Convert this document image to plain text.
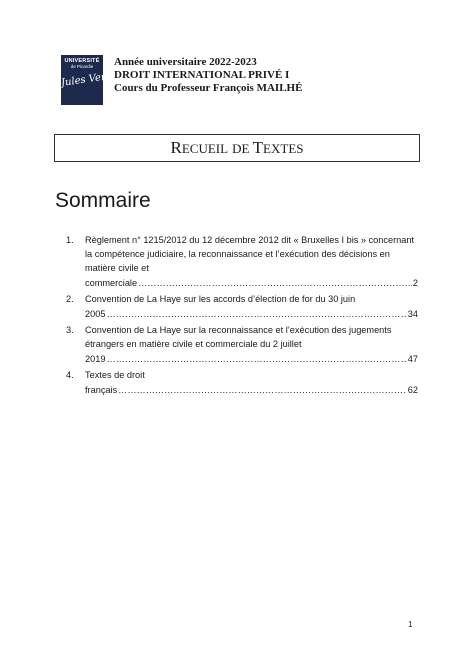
UNIVERSITÉ
de Picardie
Jules Verne
Année universitaire 2022-2023
DROIT INTERNATIONAL PRIVÉ I
Cours du Professeur François MAILHÉ
RECUEIL DE TEXTES
Sommaire
1. Règlement n° 1215/2012 du 12 décembre 2012 dit « Bruxelles I bis » concernant la compétence judiciaire, la reconnaissance et l’exécution des décisions en matière civile et
commerciale …………………………………………………………………………………………………………………………………………………………	2
2. Convention de La Haye sur les accords d’élection de for du 30 juin
2005 …………………………………………………………………………………………………………………………………………………………	34
3. Convention de La Haye sur la reconnaissance et l’exécution des jugements étrangers en matière civile et commerciale du 2 juillet
2019 …………………………………………………………………………………………………………………………………………………………	47
4. Textes de droit
français …………………………………………………………………………………………………………………………………………………………	62
1
